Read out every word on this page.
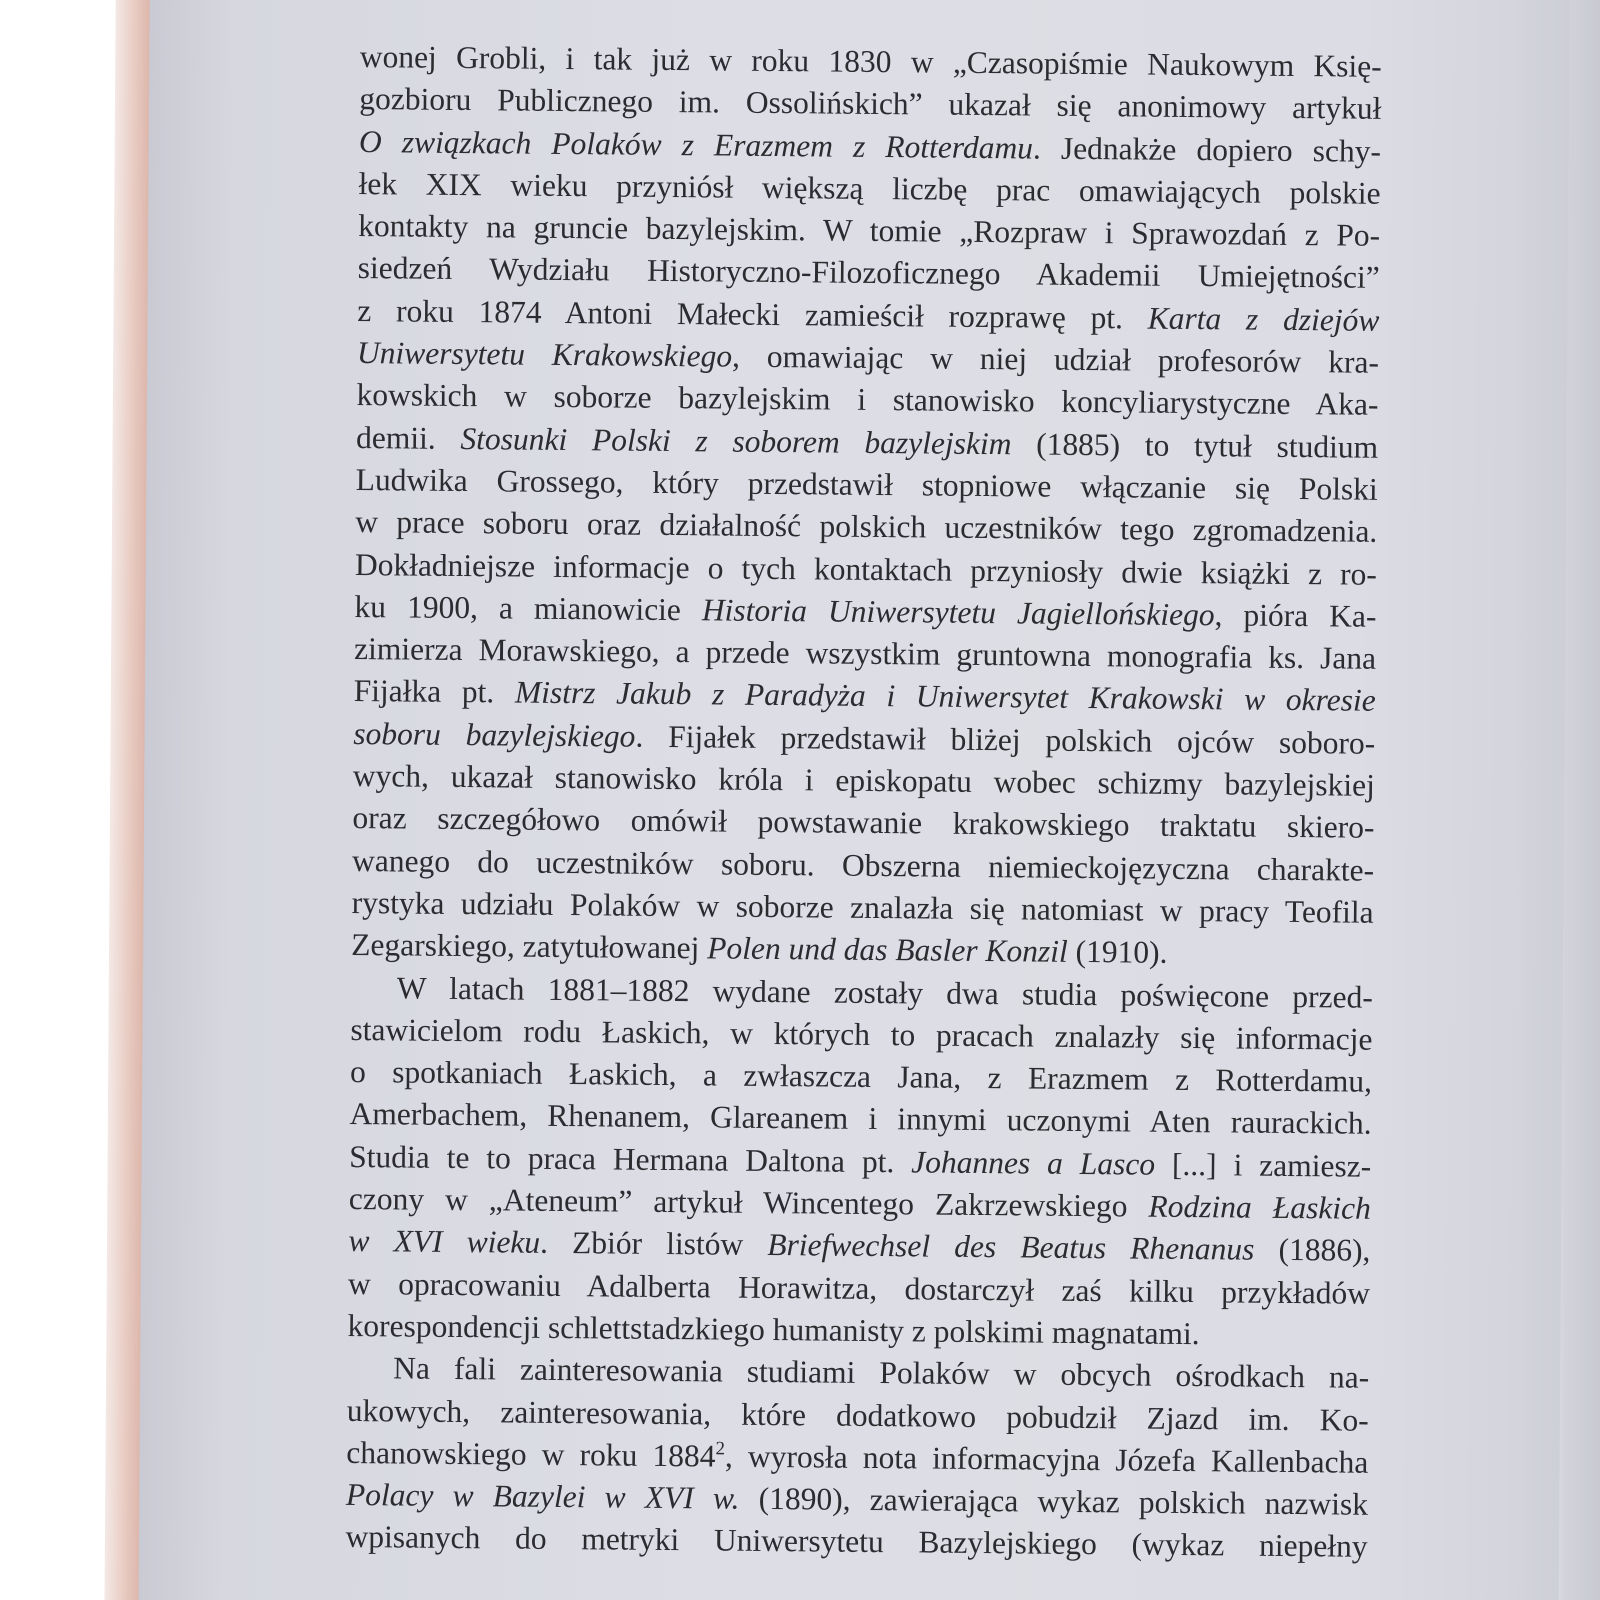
wonej Grobli, i tak już w roku 1830 w „Czasopiśmie Naukowym Księ-
gozbioru Publicznego im. Ossolińskich” ukazał się anonimowy artykuł
O związkach Polaków z Erazmem z Rotterdamu. Jednakże dopiero schy-
łek XIX wieku przyniósł większą liczbę prac omawiających polskie
kontakty na gruncie bazylejskim. W tomie „Rozpraw i Sprawozdań z Po-
siedzeń Wydziału Historyczno-Filozoficznego Akademii Umiejętności”
z roku 1874 Antoni Małecki zamieścił rozprawę pt. Karta z dziejów
Uniwersytetu Krakowskiego, omawiając w niej udział profesorów kra-
kowskich w soborze bazylejskim i stanowisko koncyliarystyczne Aka-
demii. Stosunki Polski z soborem bazylejskim (1885) to tytuł studium
Ludwika Grossego, który przedstawił stopniowe włączanie się Polski
w prace soboru oraz działalność polskich uczestników tego zgromadzenia.
Dokładniejsze informacje o tych kontaktach przyniosły dwie książki z ro-
ku 1900, a mianowicie Historia Uniwersytetu Jagiellońskiego, pióra Ka-
zimierza Morawskiego, a przede wszystkim gruntowna monografia ks. Jana
Fijałka pt. Mistrz Jakub z Paradyża i Uniwersytet Krakowski w okresie
soboru bazylejskiego. Fijałek przedstawił bliżej polskich ojców soboro-
wych, ukazał stanowisko króla i episkopatu wobec schizmy bazylejskiej
oraz szczegółowo omówił powstawanie krakowskiego traktatu skiero-
wanego do uczestników soboru. Obszerna niemieckojęzyczna charakte-
rystyka udziału Polaków w soborze znalazła się natomiast w pracy Teofila
Zegarskiego, zatytułowanej Polen und das Basler Konzil (1910).
W latach 1881–1882 wydane zostały dwa studia poświęcone przed-
stawicielom rodu Łaskich, w których to pracach znalazły się informacje
o spotkaniach Łaskich, a zwłaszcza Jana, z Erazmem z Rotterdamu,
Amerbachem, Rhenanem, Glareanem i innymi uczonymi Aten raurackich.
Studia te to praca Hermana Daltona pt. Johannes a Lasco [...] i zamiesz-
czony w „Ateneum” artykuł Wincentego Zakrzewskiego Rodzina Łaskich
w XVI wieku. Zbiór listów Briefwechsel des Beatus Rhenanus (1886),
w opracowaniu Adalberta Horawitza, dostarczył zaś kilku przykładów
korespondencji schlettstadzkiego humanisty z polskimi magnatami.
Na fali zainteresowania studiami Polaków w obcych ośrodkach na-
ukowych, zainteresowania, które dodatkowo pobudził Zjazd im. Ko-
chanowskiego w roku 1884$^2$, wyrosła nota informacyjna Józefa Kallenbacha
Polacy w Bazylei w XVI w. (1890), zawierająca wykaz polskich nazwisk
wpisanych do metryki Uniwersytetu Bazylejskiego (wykaz niepełny
